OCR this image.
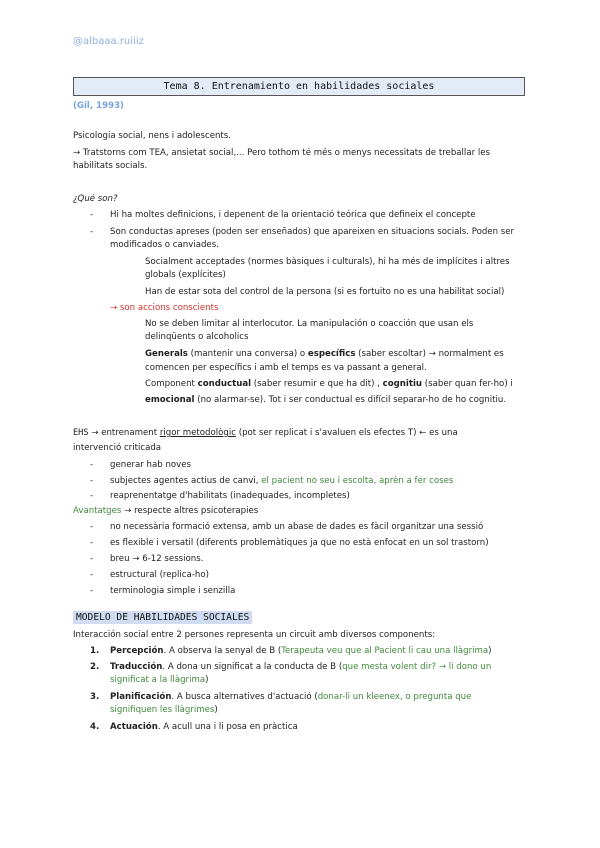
@albaaa.ruiiiz
Tema 8. Entrenamiento en habilidades sociales
(Gil, 1993)
Psicologia social, nens i adolescents.
→ Tratstorns com TEA, ansietat social,... Pero tothom té més o menys necessitats de treballar les
habilitats socials.
¿Qué son?
- Hi ha moltes definicions, i depenent de la orientació teórica que defineix el concepte
- Son conductas apreses (poden ser enseñados) que apareixen en situacions socials. Poden ser
modificados o canviades.
Socialment acceptades (normes bàsiques i culturals), hi ha més de implícites i altres
globals (explícites)
Han de estar sota del control de la persona (si es fortuito no es una habilitat social)
→ son accions conscients
No se deben limitar al interlocutor. La manipulación o coacción que usan els
delinqüents o alcoholics
Generals (mantenir una conversa) o específics (saber escoltar) → normalment es
comencen per específics i amb el temps es va passant a general.
Component conductual (saber resumir e que ha dit) , cognitiu (saber quan fer-ho) i
emocional (no alarmar-se). Tot i ser conductual es difícil separar-ho de ho cognitiu.
EHS → entrenament rigor metodològic (pot ser replicat i s'avaluen els efectes T) ← es una
intervenció criticada
- generar hab noves
- subjectes agentes actius de canvi, el pacient no seu i escolta, aprèn a fer coses
- reaprenentatge d'habilitats (inadequades, incompletes)
Avantatges → respecte altres psicoterapies
- no necessària formació extensa, amb un abase de dades es fàcil organitzar una sessió
- es flexible i versatil (diferents problemàtiques ja que no està enfocat en un sol trastorn)
- breu → 6-12 sessions.
- estructural (replica-ho)
- terminologia simple i senzilla
MODELO DE HABILIDADES SOCIALES
Interacción social entre 2 persones representa un circuit amb diversos components:
1. Percepción. A observa la senyal de B (Terapeuta veu que al Pacient li cau una llàgrima)
2. Traducción. A dona un significat a la conducta de B (que mesta volent dir? → li dono un
significat a la llàgrima)
3. Planificación. A busca alternatives d'actuació (donar-li un kleenex, o pregunta que
signifiquen les llàgrimes)
4. Actuación. A acull una i li posa en pràctica
